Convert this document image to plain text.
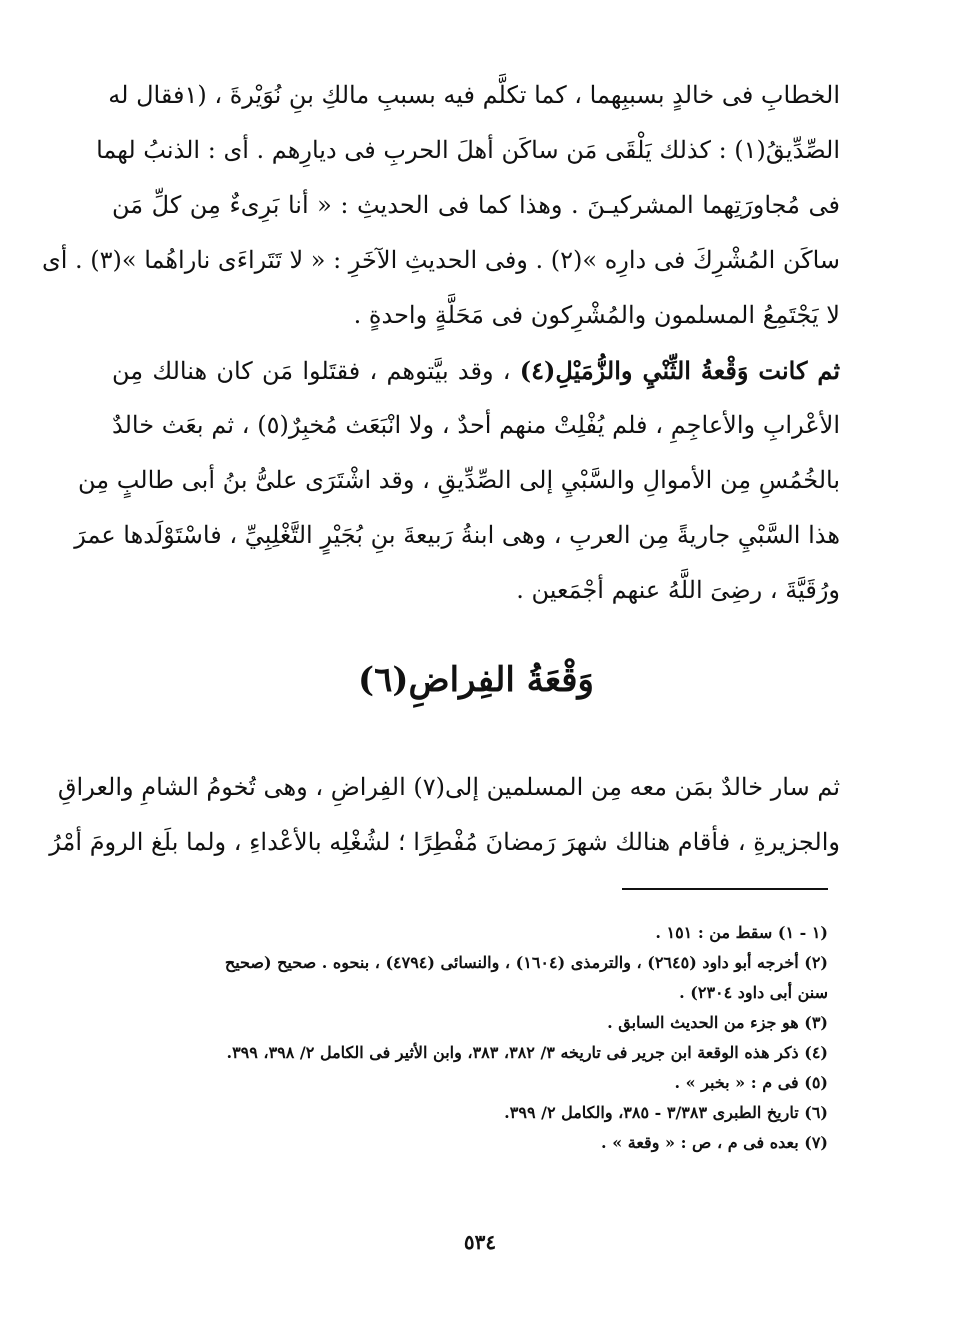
الخطابِ فى خالدٍ بسببِهما ، كما تكلَّم فيه بسببِ مالكِ بنِ نُوَيْرةَ ، (١فقال له
الصِّدِّيقُ(١) : كذلك يَلْقَى مَن ساكَن أهلَ الحربِ فى ديارِهم . أى : الذنبُ لهما
فى مُجاورَتِهما المشركيـنَ . وهذا كما فى الحديثِ : « أنا بَرِىءٌ مِن كلِّ مَن
ساكَن المُشْرِكَ فى دارِه »(٢) . وفى الحديثِ الآخَرِ : « لا تَتَراءَى ناراهُما »(٣) . أى
لا يَجْتَمِعُ المسلمون والمُشْرِكون فى مَحَلَّةٍ واحدةٍ .
ثم كانت وَقْعةُ الثِّنْيِ والزُّمَيْلِ(٤) ، وقد بيَّتوهم ، فقتَلوا مَن كان هنالك مِن
الأعْرابِ والأعاجِمِ ، فلم يُفْلِتْ منهم أحدٌ ، ولا انْبَعَث مُخبِرٌ(٥) ، ثم بعَث خالدٌ
بالخُمُسِ مِن الأموالِ والسَّبْيِ إلى الصِّدِّيقِ ، وقد اشْتَرَى علىُّ بنُ أبى طالبٍ مِن
هذا السَّبْيِ جاريةً مِن العربِ ، وهى ابنةُ رَبيعةَ بنِ بُجَيْرٍ التَّغْلِبِيِّ ، فاسْتَوْلَدها عمرَ
ورُقَيَّةَ ، رضِىَ اللَّهُ عنهم أجْمَعين .
وَقْعَةُ الفِراضِ(٦)
ثم سار خالدٌ بمَن معه مِن المسلمين إلى(٧) الفِراضِ ، وهى تُخومُ الشامِ والعراقِ
والجزيرةِ ، فأقام هنالك شهرَ رَمضانَ مُفْطِرًا ؛ لشُغْلِه بالأعْداءِ ، ولما بلَغ الرومَ أمْرُ
(١ - ١) سقط من : ١٥١ .
(٢) أخرجه أبو داود (٢٦٤٥) ، والترمذى (١٦٠٤) ، والنسائى (٤٧٩٤) ، بنحوه . صحيح (صحيح
سنن أبى داود ٢٣٠٤) .
(٣) هو جزء من الحديث السابق .
(٤) ذكر هذه الوقعة ابن جرير فى تاريخه ٣/ ٣٨٢، ٣٨٣، وابن الأثير فى الكامل ٢/ ٣٩٨، ٣٩٩.
(٥) فى م : « بخبر » .
(٦) تاريخ الطبرى ٣/٣٨٣ - ٣٨٥، والكامل ٢/ ٣٩٩.
(٧) بعده فى م ، ص : « وقعة » .
٥٣٤
